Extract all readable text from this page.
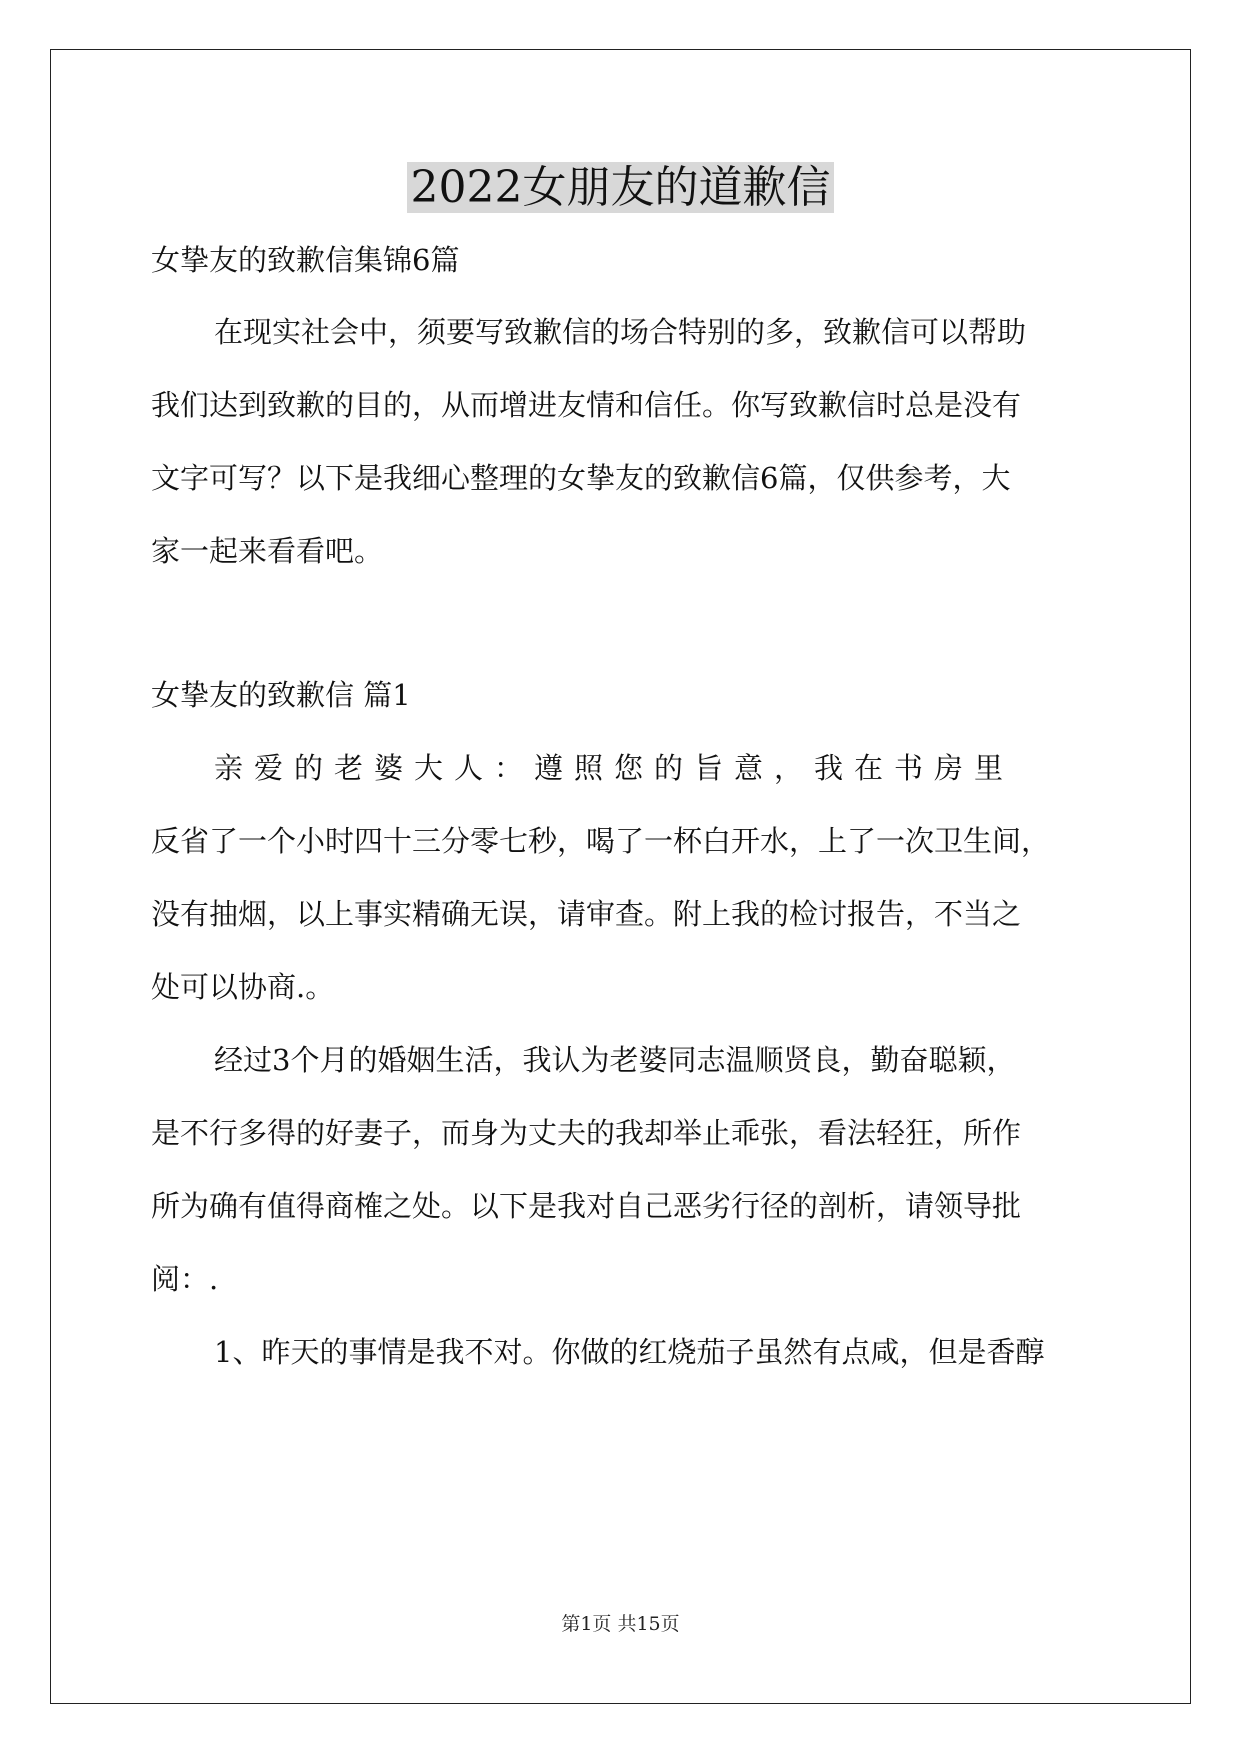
2022女朋友的道歉信
女挚友的致歉信集锦6篇
在现实社会中，须要写致歉信的场合特别的多，致歉信可以帮助
我们达到致歉的目的，从而增进友情和信任。你写致歉信时总是没有
文字可写？以下是我细心整理的女挚友的致歉信6篇，仅供参考，大
家一起来看看吧。
女挚友的致歉信 篇1
亲爱的老婆大人：遵照您的旨意，我在书房里
反省了一个小时四十三分零七秒，喝了一杯白开水，上了一次卫生间，
没有抽烟，以上事实精确无误，请审查。附上我的检讨报告，不当之
处可以协商.。
经过3个月的婚姻生活，我认为老婆同志温顺贤良，勤奋聪颖，
是不行多得的好妻子，而身为丈夫的我却举止乖张，看法轻狂，所作
所为确有值得商榷之处。以下是我对自己恶劣行径的剖析，请领导批
阅：.
1、昨天的事情是我不对。你做的红烧茄子虽然有点咸，但是香醇
第1页 共15页
